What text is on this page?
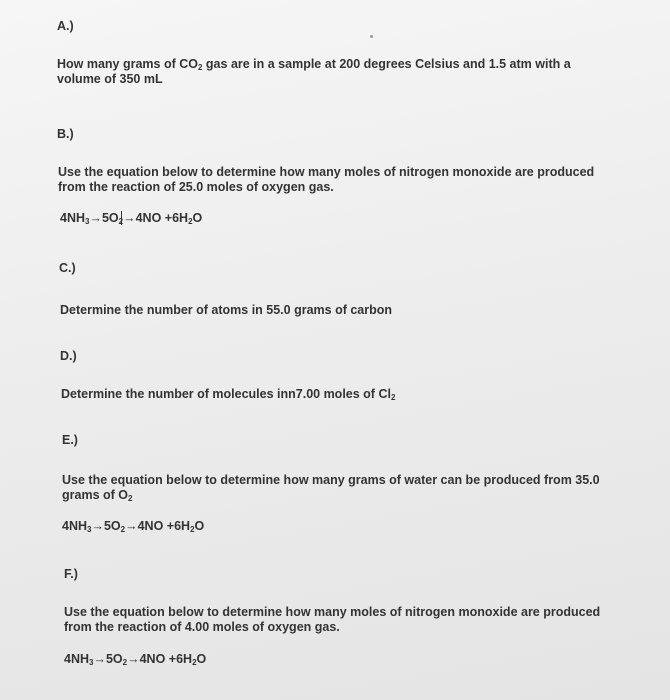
A.)
How many grams of $CO_2$ gas are in a sample at 200 degrees Celsius and 1.5 atm with a volume of 350 mL
B.)
Use the equation below to determine how many moles of nitrogen monoxide are produced from the reaction of 25.0 moles of oxygen gas.
$4NH_3\to 5O_2\to 4NO +6H_2O$
C.)
Determine the number of atoms in 55.0 grams of carbon
D.)
Determine the number of molecules inn7.00 moles of $Cl_2$
E.)
Use the equation below to determine how many grams of water can be produced from 35.0 grams of $O_2$
$4NH_3\to 5O_2\to 4NO +6H_2O$
F.)
Use the equation below to determine how many moles of nitrogen monoxide are produced from the reaction of 4.00 moles of oxygen gas.
$4NH_3\to 5O_2\to 4NO +6H_2O$
